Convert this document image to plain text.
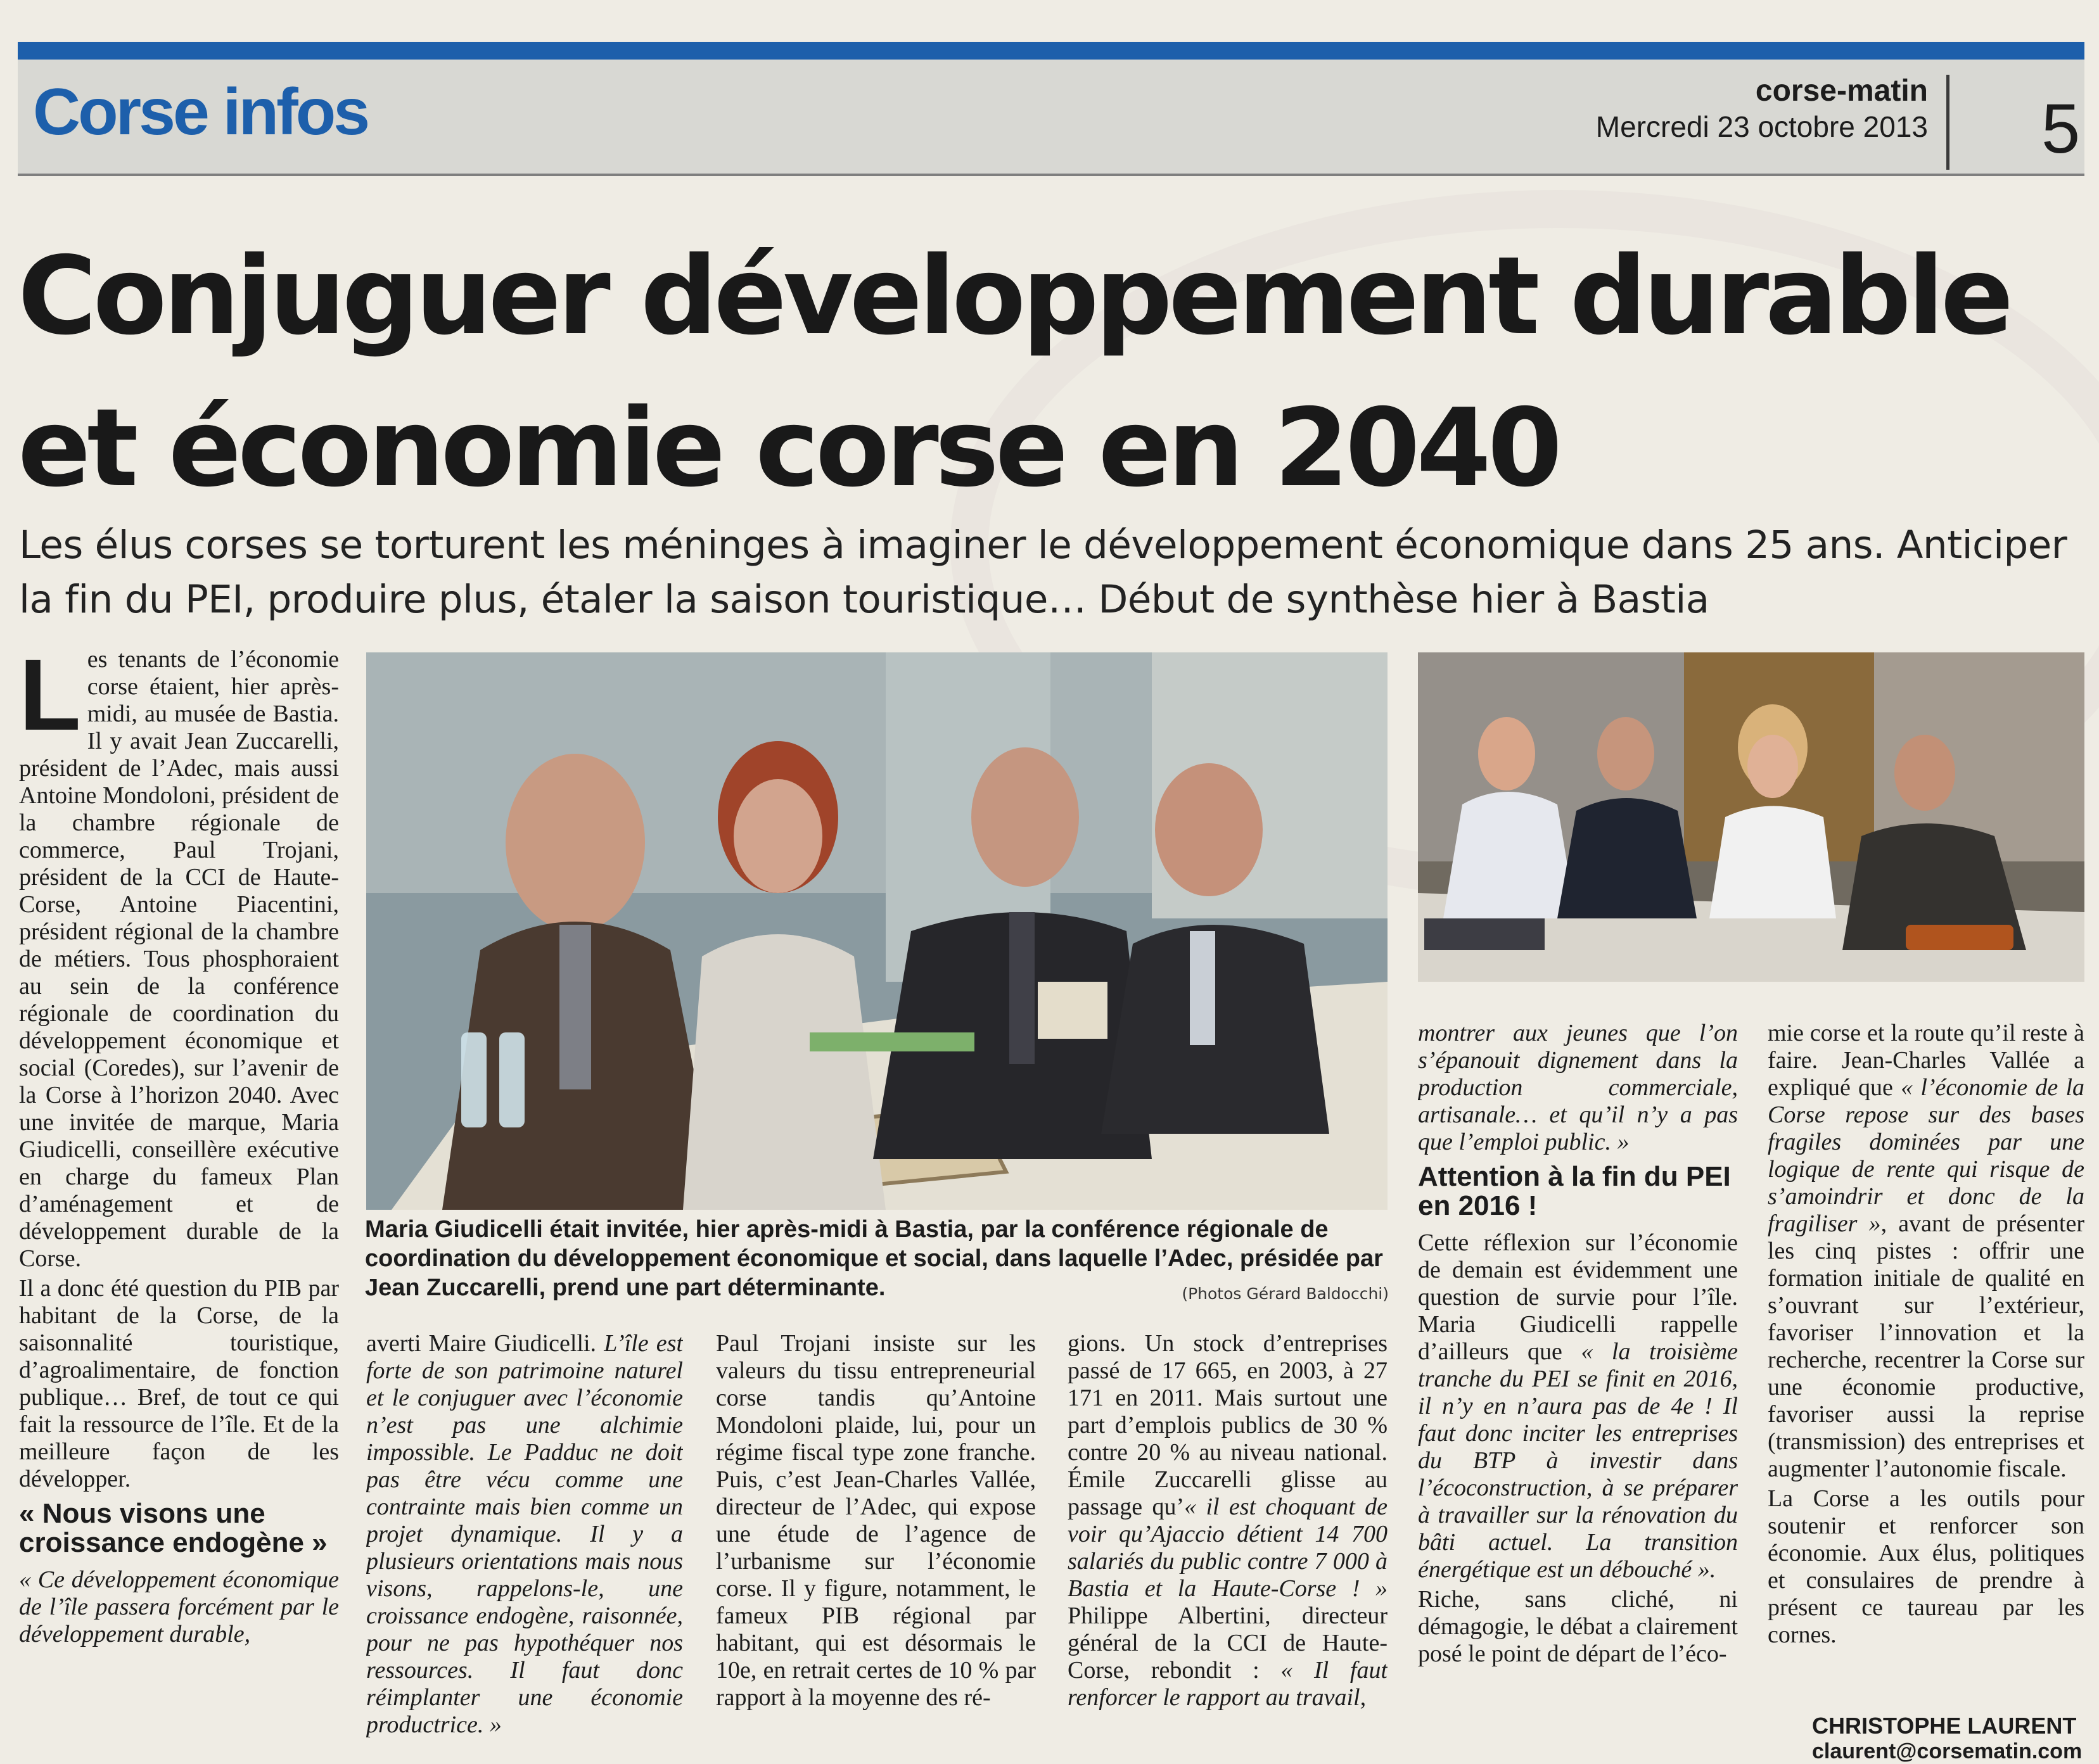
Corse infos	corse-matin
Mercredi 23 octobre 2013 5
Conjuguer développement durable et économie corse en 2040

Les élus corses se torturent les méninges à imaginer le développement économique dans 25 ans. Anticiper la fin du PEI, produire plus, étaler la saison touristique… Début de synthèse hier à Bastia

L es tenants de l’économie corse étaient, hier après-midi, au musée de Bastia. Il y avait Jean Zuccarelli, président de l’Adec, mais aussi Antoine Mondoloni, président de la chambre régionale de commerce, Paul Trojani, président de la CCI de Haute-Corse, Antoine Piacentini, président régional de la chambre de métiers. Tous phosphoraient au sein de la conférence régionale de coordination du développement économique et social (Coredes), sur l’avenir de la Corse à l’horizon 2040. Avec une invitée de marque, Maria Giudicelli, conseillère exécutive en charge du fameux Plan d’aménagement et de développement durable de la Corse.

Il a donc été question du PIB par habitant de la Corse, de la saisonnalité touristique, d’agroalimentaire, de fonction publique… Bref, de tout ce qui fait la ressource de l’île. Et de la meilleure façon de les développer.

« Nous visons une croissance endogène »

« Ce développement économique de l’île passera forcément par le développement durable,

Maria Giudicelli était invitée, hier après-midi à Bastia, par la conférence régionale de coordination du développement économique et social, dans laquelle l’Adec, présidée par Jean Zuccarelli, prend une part déterminante.	(Photos Gérard Baldocchi)

averti Maire Giudicelli. L’île est forte de son patrimoine naturel et le conjuguer avec l’économie n’est pas une alchimie impossible. Le Padduc ne doit pas être vécu comme une contrainte mais bien comme un projet dynamique. Il y a plusieurs orientations mais nous visons, rappelons-le, une croissance endogène, raisonnée, pour ne pas hypothéquer nos ressources. Il faut donc réimplanter une économie productrice. »

Paul Trojani insiste sur les valeurs du tissu entrepreneurial corse tandis qu’Antoine Mondoloni plaide, lui, pour un régime fiscal type zone franche. Puis, c’est Jean-Charles Vallée, directeur de l’Adec, qui expose une étude de l’agence de l’urbanisme sur l’économie corse. Il y figure, notamment, le fameux PIB régional par habitant, qui est désormais le 10e, en retrait certes de 10 % par rapport à la moyenne des ré-

gions. Un stock d’entreprises passé de 17 665, en 2003, à 27 171 en 2011. Mais surtout une part d’emplois publics de 30 % contre 20 % au niveau national. Émile Zuccarelli glisse au passage qu’« il est choquant de voir qu’Ajaccio détient 14 700 salariés du public contre 7 000 à Bastia et la Haute-Corse ! » Philippe Albertini, directeur général de la CCI de Haute-Corse, rebondit : « Il faut renforcer le rapport au travail,

montrer aux jeunes que l’on s’épanouit dignement dans la production commerciale, artisanale… et qu’il n’y a pas que l’emploi public. »

Attention à la fin du PEI en 2016 !

Cette réflexion sur l’économie de demain est évidemment une question de survie pour l’île. Maria Giudicelli rappelle d’ailleurs que « la troisième tranche du PEI se finit en 2016, il n’y en n’aura pas de 4e ! Il faut donc inciter les entreprises du BTP à investir dans l’écoconstruction, à se préparer à travailler sur la rénovation du bâti actuel. La transition énergétique est un débouché ».

Riche, sans cliché, ni démagogie, le débat a clairement posé le point de départ de l’éco-

mie corse et la route qu’il reste à faire. Jean-Charles Vallée a expliqué que « l’économie de la Corse repose sur des bases fragiles dominées par une logique de rente qui risque de s’amoindrir et donc de la fragiliser », avant de présenter les cinq pistes : offrir une formation initiale de qualité en s’ouvrant sur l’extérieur, favoriser l’innovation et la recherche, recentrer la Corse sur une économie productive, favoriser aussi la reprise (transmission) des entreprises et augmenter l’autonomie fiscale.

La Corse a les outils pour soutenir et renforcer son économie. Aux élus, politiques et consulaires de prendre à présent ce taureau par les cornes.

CHRISTOPHE LAURENT
claurent@corsematin.com
